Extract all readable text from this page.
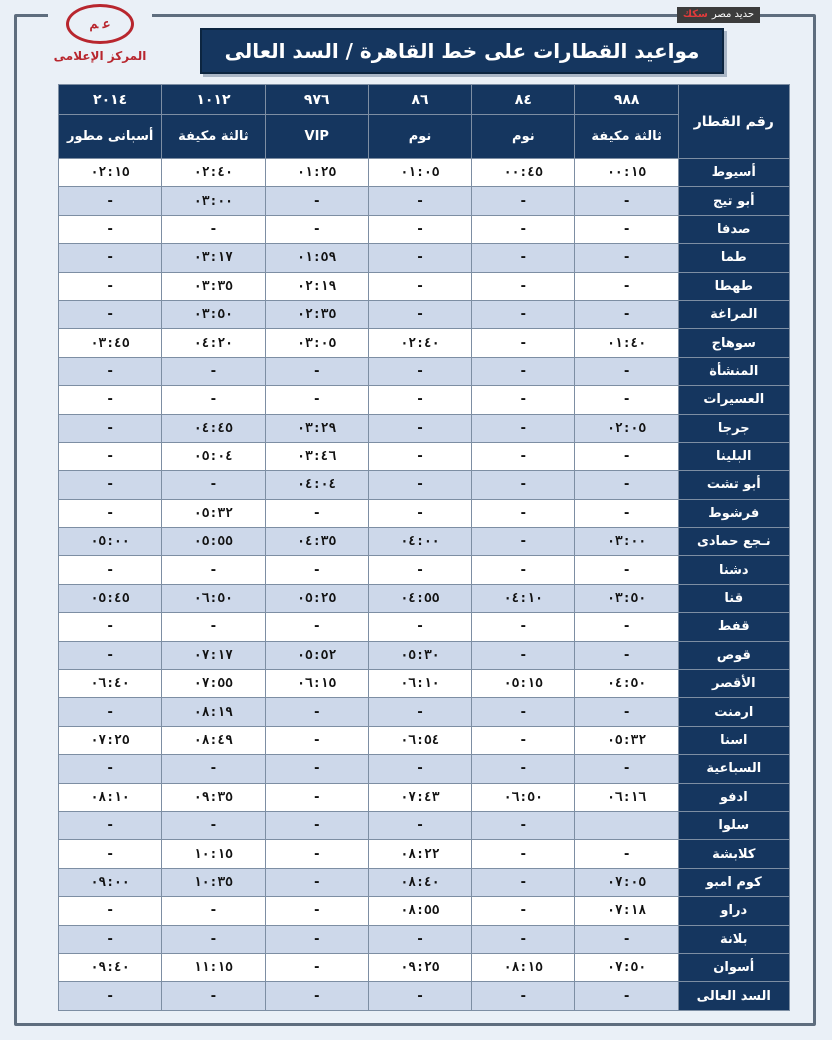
ﻋ ﻢ
المركز الإعلامى
سكك حديد مصر
مواعيد القطارات على خط القاهرة / السد العالى
رقم القطار	٩٨٨	٨٤	٨٦	٩٧٦	١٠١٢	٢٠١٤
	ثالثة مكيفة	نوم	نوم	VIP	ثالثة مكيفة	أسبانى مطور
أسيوط	٠٠:١٥	٠٠:٤٥	٠١:٠٥	٠١:٢٥	٠٢:٤٠	٠٢:١٥
أبو تيج	-	-	-	-	٠٣:٠٠	-
صدفا	-	-	-	-	-	-
طما	-	-	-	٠١:٥٩	٠٣:١٧	-
طهطا	-	-	-	٠٢:١٩	٠٣:٣٥	-
المراغة	-	-	-	٠٢:٣٥	٠٣:٥٠	-
سوهاج	٠١:٤٠	-	٠٢:٤٠	٠٣:٠٥	٠٤:٢٠	٠٣:٤٥
المنشأة	-	-	-	-	-	-
العسيرات	-	-	-	-	-	-
جرجا	٠٢:٠٥	-	-	٠٣:٢٩	٠٤:٤٥	-
البلينا	-	-	-	٠٣:٤٦	٠٥:٠٤	-
أبو تشت	-	-	-	٠٤:٠٤	-	-
فرشوط	-	-	-	-	٠٥:٣٢	-
نـجع حمادى	٠٣:٠٠	-	٠٤:٠٠	٠٤:٣٥	٠٥:٥٥	٠٥:٠٠
دشنا	-	-	-	-	-	-
قنا	٠٣:٥٠	٠٤:١٠	٠٤:٥٥	٠٥:٢٥	٠٦:٥٠	٠٥:٤٥
قفط	-	-	-	-	-	-
قوص	-	-	٠٥:٣٠	٠٥:٥٢	٠٧:١٧	-
الأقصر	٠٤:٥٠	٠٥:١٥	٠٦:١٠	٠٦:١٥	٠٧:٥٥	٠٦:٤٠
ارمنت	-	-	-	-	٠٨:١٩	-
اسنا	٠٥:٣٢	-	٠٦:٥٤	-	٠٨:٤٩	٠٧:٢٥
السباعية	-	-	-	-	-	-
ادفو	٠٦:١٦	٠٦:٥٠	٠٧:٤٣	-	٠٩:٣٥	٠٨:١٠
سلوا		-	-	-	-	-
كلابشة	-	-	٠٨:٢٢	-	١٠:١٥	-
كوم امبو	٠٧:٠٥	-	٠٨:٤٠	-	١٠:٣٥	٠٩:٠٠
دراو	٠٧:١٨	-	٠٨:٥٥	-	-	-
بلانة	-	-	-	-	-	-
أسوان	٠٧:٥٠	٠٨:١٥	٠٩:٢٥	-	١١:١٥	٠٩:٤٠
السد العالى	-	-	-	-	-	-
